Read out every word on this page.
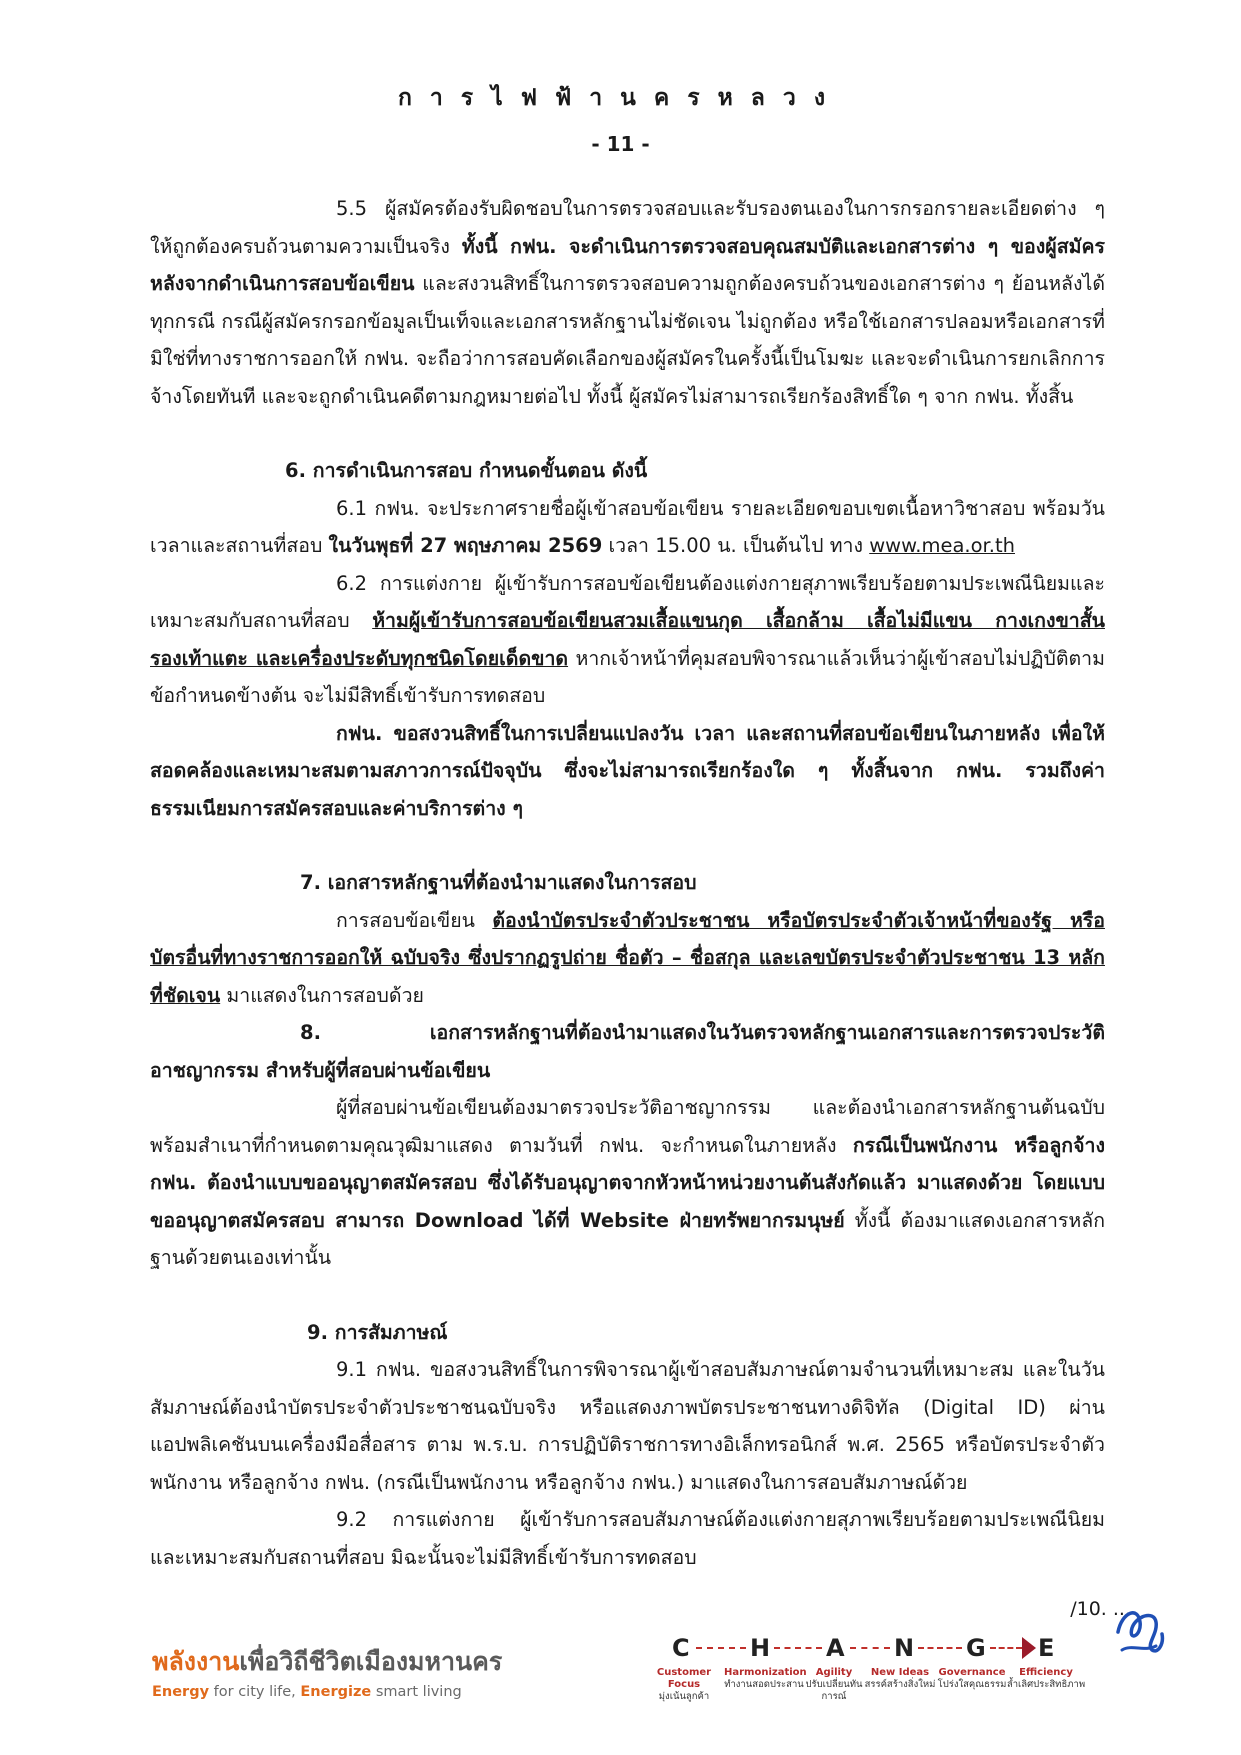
การไฟฟ้านครหลวง
- 11 -

5.5 ผู้สมัครต้องรับผิดชอบในการตรวจสอบและรับรองตนเองในการกรอกรายละเอียดต่าง ๆ ให้ถูกต้องครบถ้วนตามความเป็นจริง ทั้งนี้ กฟน. จะดำเนินการตรวจสอบคุณสมบัติและเอกสารต่าง ๆ ของผู้สมัคร หลังจากดำเนินการสอบข้อเขียน และสงวนสิทธิ์ในการตรวจสอบความถูกต้องครบถ้วนของเอกสารต่าง ๆ ย้อนหลังได้ทุกกรณี กรณีผู้สมัครกรอกข้อมูลเป็นเท็จและเอกสารหลักฐานไม่ชัดเจน ไม่ถูกต้อง หรือใช้เอกสารปลอมหรือเอกสารที่มิใช่ที่ทางราชการออกให้ กฟน. จะถือว่าการสอบคัดเลือกของผู้สมัครในครั้งนี้เป็นโมฆะ และจะดำเนินการยกเลิกการจ้างโดยทันที และจะถูกดำเนินคดีตามกฎหมายต่อไป ทั้งนี้ ผู้สมัครไม่สามารถเรียกร้องสิทธิ์ใด ๆ จาก กฟน. ทั้งสิ้น

6. การดำเนินการสอบ กำหนดขั้นตอน ดังนี้

6.1 กฟน. จะประกาศรายชื่อผู้เข้าสอบข้อเขียน รายละเอียดขอบเขตเนื้อหาวิชาสอบ พร้อมวัน เวลาและสถานที่สอบ ในวันพุธที่ 27 พฤษภาคม 2569 เวลา 15.00 น. เป็นต้นไป ทาง www.mea.or.th

6.2 การแต่งกาย ผู้เข้ารับการสอบข้อเขียนต้องแต่งกายสุภาพเรียบร้อยตามประเพณีนิยมและเหมาะสมกับสถานที่สอบ ห้ามผู้เข้ารับการสอบข้อเขียนสวมเสื้อแขนกุด เสื้อกล้าม เสื้อไม่มีแขน กางเกงขาสั้น รองเท้าแตะ และเครื่องประดับทุกชนิดโดยเด็ดขาด หากเจ้าหน้าที่คุมสอบพิจารณาแล้วเห็นว่าผู้เข้าสอบไม่ปฏิบัติตามข้อกำหนดข้างต้น จะไม่มีสิทธิ์เข้ารับการทดสอบ

กฟน. ขอสงวนสิทธิ์ในการเปลี่ยนแปลงวัน เวลา และสถานที่สอบข้อเขียนในภายหลัง เพื่อให้สอดคล้องและเหมาะสมตามสภาวการณ์ปัจจุบัน ซึ่งจะไม่สามารถเรียกร้องใด ๆ ทั้งสิ้นจาก กฟน. รวมถึงค่าธรรมเนียมการสมัครสอบและค่าบริการต่าง ๆ

7. เอกสารหลักฐานที่ต้องนำมาแสดงในการสอบ

การสอบข้อเขียน ต้องนำบัตรประจำตัวประชาชน หรือบัตรประจำตัวเจ้าหน้าที่ของรัฐ หรือบัตรอื่นที่ทางราชการออกให้ ฉบับจริง ซึ่งปรากฏรูปถ่าย ชื่อตัว – ชื่อสกุล และเลขบัตรประจำตัวประชาชน 13 หลักที่ชัดเจน มาแสดงในการสอบด้วย

8. เอกสารหลักฐานที่ต้องนำมาแสดงในวันตรวจหลักฐานเอกสารและการตรวจประวัติอาชญากรรม สำหรับผู้ที่สอบผ่านข้อเขียน

ผู้ที่สอบผ่านข้อเขียนต้องมาตรวจประวัติอาชญากรรม และต้องนำเอกสารหลักฐานต้นฉบับพร้อมสำเนาที่กำหนดตามคุณวุฒิมาแสดง ตามวันที่ กฟน. จะกำหนดในภายหลัง กรณีเป็นพนักงาน หรือลูกจ้าง กฟน. ต้องนำแบบขออนุญาตสมัครสอบ ซึ่งได้รับอนุญาตจากหัวหน้าหน่วยงานต้นสังกัดแล้ว มาแสดงด้วย โดยแบบขออนุญาตสมัครสอบ สามารถ Download ได้ที่ Website ฝ่ายทรัพยากรมนุษย์ ทั้งนี้ ต้องมาแสดงเอกสารหลักฐานด้วยตนเองเท่านั้น

9. การสัมภาษณ์

9.1 กฟน. ขอสงวนสิทธิ์ในการพิจารณาผู้เข้าสอบสัมภาษณ์ตามจำนวนที่เหมาะสม และในวันสัมภาษณ์ต้องนำบัตรประจำตัวประชาชนฉบับจริง หรือแสดงภาพบัตรประชาชนทางดิจิทัล (Digital ID) ผ่านแอปพลิเคชันบนเครื่องมือสื่อสาร ตาม พ.ร.บ. การปฏิบัติราชการทางอิเล็กทรอนิกส์ พ.ศ. 2565 หรือบัตรประจำตัวพนักงาน หรือลูกจ้าง กฟน. (กรณีเป็นพนักงาน หรือลูกจ้าง กฟน.) มาแสดงในการสอบสัมภาษณ์ด้วย

9.2 การแต่งกาย ผู้เข้ารับการสอบสัมภาษณ์ต้องแต่งกายสุภาพเรียบร้อยตามประเพณีนิยม และเหมาะสมกับสถานที่สอบ มิฉะนั้นจะไม่มีสิทธิ์เข้ารับการทดสอบ

/10. ...
พลังงานเพื่อวิถีชีวิตเมืองมหานคร
Energy for city life, Energize smart living
C	H A N G E
Customer Focus
มุ่งเน้นลูกค้า
Harmonization
ทำงานสอดประสาน
Agility
ปรับเปลี่ยนทันการณ์
New Ideas
สรรค์สร้างสิ่งใหม่
Governance
โปร่งใสคุณธรรม
Efficiency
ล้ำเลิศประสิทธิภาพ
